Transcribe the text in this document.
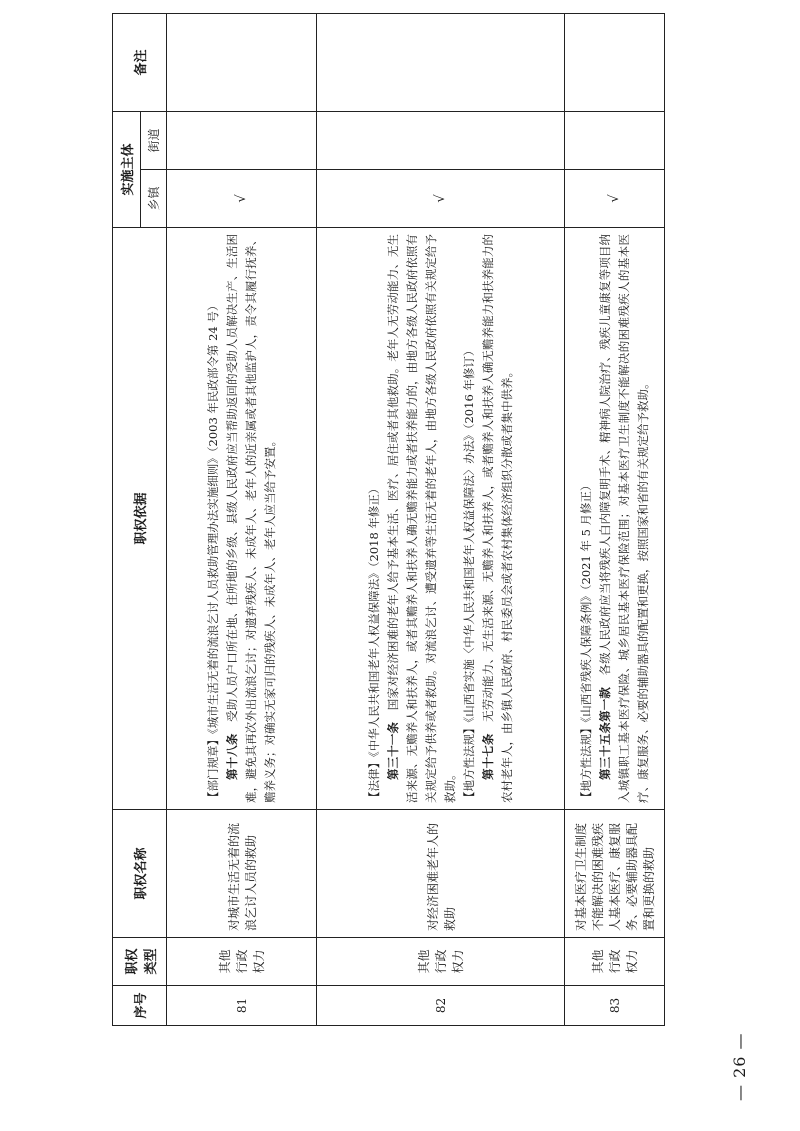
序号	职权类型	职权名称	职权依据	实施主体		备注
				乡镇	街道	
81	其他行政权力	对城市生活无着的流浪乞讨人员的救助	【部门规章】《城市生活无着的流浪乞讨人员救助管理办法实施细则》（2003 年民政部令第 24 号） 第十八条　受助人员户口所在地、住所地的乡级、县级人民政府应当帮助返回的受助人员解决生产、生活困难，避免其再次外出流浪乞讨；对遗弃残疾人、未成年人、老年人的近亲属或者其他监护人，责令其履行抚养、赡养义务；对确实无家可归的残疾人、未成年人、老年人应当给予安置。	√		
82	其他行政权力	对经济困难老年人的救助	【法律】《中华人民共和国老年人权益保障法》（2018 年修正） 第三十一条　国家对经济困难的老年人给予基本生活、医疗、居住或者其他救助。老年人无劳动能力、无生活来源、无赡养人和扶养人，或者其赡养人和扶养人确无赡养能力或者扶养能力的，由地方各级人民政府依照有关规定给予供养或者救助。对流浪乞讨、遭受遗弃等生活无着的老年人，由地方各级人民政府依照有关规定给予救助。 【地方性法规】《山西省实施〈中华人民共和国老年人权益保障法〉办法》（2016 年修订） 第十七条　无劳动能力、无生活来源、无赡养人和扶养人，或者赡养人和扶养人确无赡养能力和扶养能力的农村老年人，由乡镇人民政府、村民委员会或者农村集体经济组织分散或者集中供养。	√		
83	其他行政权力	对基本医疗卫生制度不能解决的困难残疾人基本医疗、康复服务、必要辅助器具配置和更换的救助	【地方性法规】《山西省残疾人保障条例》（2021 年 5 月修正） 第三十五条第一款　各级人民政府应当将残疾人白内障复明手术、精神病人院治疗、残疾儿童康复等项目纳入城镇职工基本医疗保险、城乡居民基本医疗保险范围；对基本医疗卫生制度不能解决的困难残疾人的基本医疗、康复服务、必要的辅助器具的配置和更换，按照国家和省的有关规定给予救助。	√		
— 26 —
